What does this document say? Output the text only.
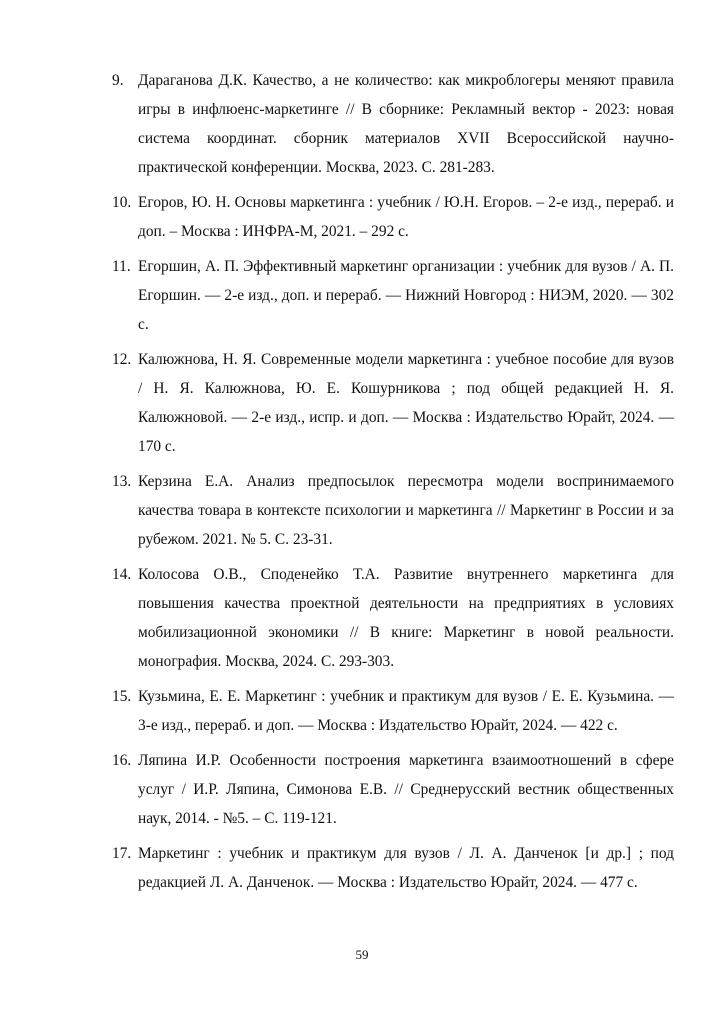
9. Дараганова Д.К. Качество, а не количество: как микроблогеры меняют правила игры в инфлюенс-маркетинге // В сборнике: Рекламный вектор - 2023: новая система координат. сборник материалов XVII Всероссийской научно-практической конференции. Москва, 2023. С. 281-283.
10. Егоров, Ю. Н. Основы маркетинга : учебник / Ю.Н. Егоров. – 2-е изд., перераб. и доп. – Москва : ИНФРА-М, 2021. – 292 с.
11. Егоршин, А. П. Эффективный маркетинг организации : учебник для вузов / А. П. Егоршин. — 2-е изд., доп. и перераб. — Нижний Новгород : НИЭМ, 2020. — 302 с.
12. Калюжнова, Н. Я. Современные модели маркетинга : учебное пособие для вузов / Н. Я. Калюжнова, Ю. Е. Кошурникова ; под общей редакцией Н. Я. Калюжновой. — 2-е изд., испр. и доп. — Москва : Издательство Юрайт, 2024. — 170 с.
13. Керзина Е.А. Анализ предпосылок пересмотра модели воспринимаемого качества товара в контексте психологии и маркетинга // Маркетинг в России и за рубежом. 2021. № 5. С. 23-31.
14. Колосова О.В., Споденейко Т.А. Развитие внутреннего маркетинга для повышения качества проектной деятельности на предприятиях в условиях мобилизационной экономики // В книге: Маркетинг в новой реальности. монография. Москва, 2024. С. 293-303.
15. Кузьмина, Е. Е. Маркетинг : учебник и практикум для вузов / Е. Е. Кузьмина. — 3-е изд., перераб. и доп. — Москва : Издательство Юрайт, 2024. — 422 с.
16. Ляпина И.Р. Особенности построения маркетинга взаимоотношений в сфере услуг / И.Р. Ляпина, Симонова Е.В. // Среднерусский вестник общественных наук, 2014. - №5. – С. 119-121.
17. Маркетинг : учебник и практикум для вузов / Л. А. Данченок [и др.] ; под редакцией Л. А. Данченок. — Москва : Издательство Юрайт, 2024. — 477 с.
59
